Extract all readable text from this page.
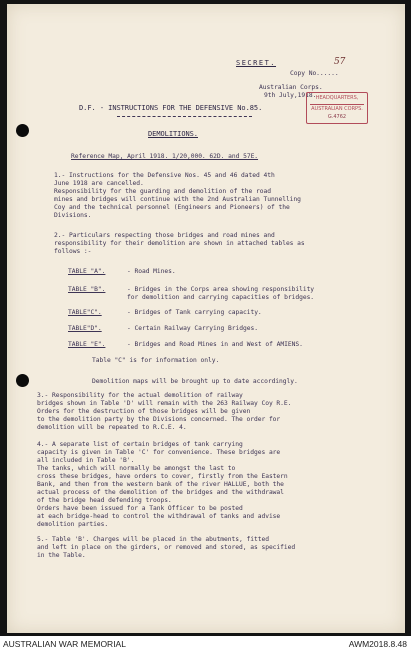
SECRET.

Copy No......

57

Australian Corps.

9th July,1918. HEADQUARTERS,
AUSTRALIAN CORPS.
G.4762

D.F. - INSTRUCTIONS FOR THE DEFENSIVE No.85.

DEMOLITIONS.

Reference Map, April 1918. 1/20,000. 62D. and 57E.

1.- Instructions for the Defensive Nos. 45 and 46 dated 4th

June 1918 are cancelled.

Responsibility for the guarding and demolition of the road

mines and bridges will continue with the 2nd Australian Tunnelling

Coy and the technical personnel (Engineers and Pioneers) of the

Divisions.

2.- Particulars respecting those bridges and road mines and

responsibility for their demolition are shown in attached tables as

follows :-

TABLE "A".	- Road Mines.

TABLE "B".	- Bridges in the Corps area showing responsibility

for demolition and carrying capacities of bridges.

TABLE"C".	- Bridges of Tank carrying capacity.

TABLE"D".	- Certain Railway Carrying Bridges.

TABLE "E".	- Bridges and Road Mines in and West of AMIENS.

Table "C" is for information only.

Demolition maps will be brought up to date accordingly.

3.- Responsibility for the actual demolition of railway

bridges shown in Table 'D' will remain with the 263 Railway Coy R.E.

Orders for the destruction of those bridges will be given

to the demolition party by the Divisions concerned. The order for

demolition will be repeated to R.C.E. 4.

4.- A separate list of certain bridges of tank carrying

capacity is given in Table 'C' for convenience. These bridges are

all included in Table 'B'.

The tanks, which will normally be amongst the last to

cross these bridges, have orders to cover, firstly from the Eastern

Bank, and then from the western bank of the river HALLUE, both the

actual process of the demolition of the bridges and the withdrawal

of the bridge head defending troops.

Orders have been issued for a Tank Officer to be posted

at each bridge-head to control the withdrawal of tanks and advise

demolition parties.

5.- Table 'B'. Charges will be placed in the abutments, fitted

and left in place on the girders, or removed and stored, as specified

in the Table.

AUSTRALIAN WAR MEMORIAL	AWM2018.8.48
